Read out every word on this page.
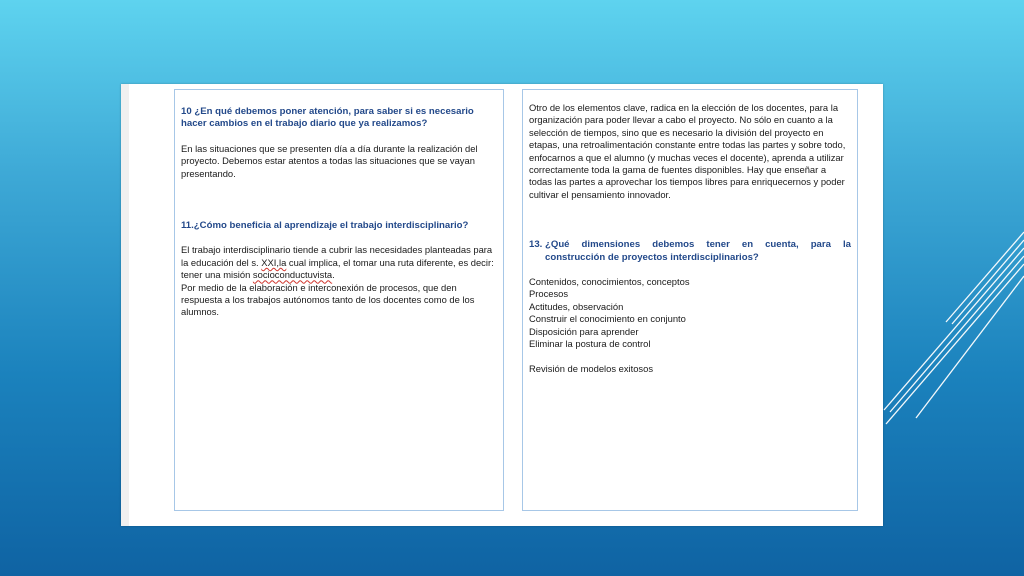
10 ¿En qué debemos poner atención, para saber si es necesario hacer cambios en el trabajo diario que ya realizamos?

En las situaciones que se presenten día a día durante la realización del proyecto. Debemos estar atentos a todas las situaciones que se vayan presentando.

11.¿Cómo beneficia al aprendizaje el trabajo interdisciplinario?

El trabajo interdisciplinario tiende a cubrir las necesidades planteadas para la educación del s. XXI,la cual implica, el tomar una ruta diferente, es decir: tener una misión socioconductuvista.

Por medio de la elaboración e interconexión de procesos, que den respuesta a los trabajos autónomos tanto de los docentes como de los alumnos.

Otro de los elementos clave, radica en la elección de los docentes, para la organización para poder llevar a cabo el proyecto. No sólo en cuanto a la selección de tiempos, sino que es necesario la división del proyecto en etapas, una retroalimentación constante entre todas las partes y sobre todo, enfocarnos a que el alumno (y muchas veces el docente), aprenda a utilizar correctamente toda la gama de fuentes disponibles. Hay que enseñar a todas las partes a aprovechar los tiempos libres para enriquecernos y poder cultivar el pensamiento innovador.

13. ¿Qué dimensiones debemos tener en cuenta, para la
construcción de proyectos interdisciplinarios?

Contenidos, conocimientos, conceptos

Procesos

Actitudes, observación

Construir el conocimiento en conjunto

Disposición para aprender

Eliminar la postura de control

Revisión de modelos exitosos
